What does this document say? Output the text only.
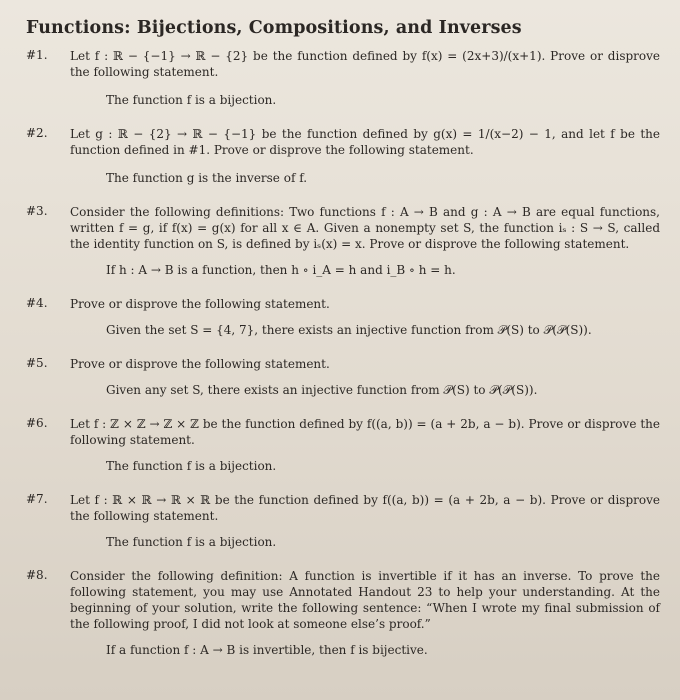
Functions: Bijections, Compositions, and Inverses
#1.	Let f : ℝ − {−1} → ℝ − {2} be the function defined by f(x) = (2x+3)/(x+1). Prove or disprove the following statement.
The function f is a bijection.
#2.	Let g : ℝ − {2} → ℝ − {−1} be the function defined by g(x) = 1/(x−2) − 1, and let f be the function defined in #1. Prove or disprove the following statement.
The function g is the inverse of f.
#3.	Consider the following definitions: Two functions f : A → B and g : A → B are equal functions, written f = g, if f(x) = g(x) for all x ∈ A. Given a nonempty set S, the function iₛ : S → S, called the identity function on S, is defined by iₛ(x) = x. Prove or disprove the following statement.
If h : A → B is a function, then h ∘ i_A = h and i_B ∘ h = h.
#4.	Prove or disprove the following statement.
Given the set S = {4, 7}, there exists an injective function from 𝒫(S) to 𝒫(𝒫(S)).
#5.	Prove or disprove the following statement.
Given any set S, there exists an injective function from 𝒫(S) to 𝒫(𝒫(S)).
#6.	Let f : ℤ × ℤ → ℤ × ℤ be the function defined by f((a, b)) = (a + 2b, a − b). Prove or disprove the following statement.
The function f is a bijection.
#7.	Let f : ℝ × ℝ → ℝ × ℝ be the function defined by f((a, b)) = (a + 2b, a − b). Prove or disprove the following statement.
The function f is a bijection.
#8.	Consider the following definition: A function is invertible if it has an inverse. To prove the following statement, you may use Annotated Handout 23 to help your understanding. At the beginning of your solution, write the following sentence: “When I wrote my final submission of the following proof, I did not look at someone else’s proof.”
If a function f : A → B is invertible, then f is bijective.
